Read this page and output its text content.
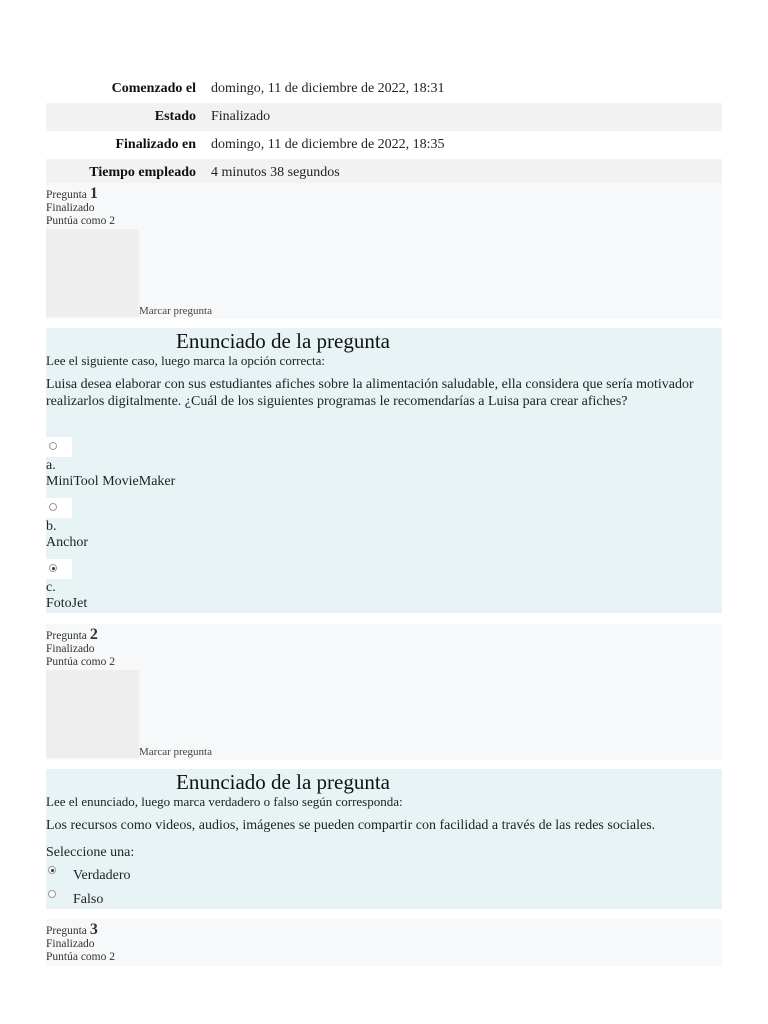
Comenzado el	domingo, 11 de diciembre de 2022, 18:31
Estado	Finalizado
Finalizado en	domingo, 11 de diciembre de 2022, 18:35
Tiempo empleado	4 minutos 38 segundos
Pregunta 1
Finalizado
Puntúa como 2
Marcar pregunta
Enunciado de la pregunta
Lee el siguiente caso, luego marca la opción correcta:
Luisa desea elaborar con sus estudiantes afiches sobre la alimentación saludable, ella considera que sería motivador realizarlos digitalmente. ¿Cuál de los siguientes programas le recomendarías a Luisa para crear afiches?
a.
MiniTool MovieMaker
b.
Anchor
c.
FotoJet
Pregunta 2
Finalizado
Puntúa como 2
Marcar pregunta
Enunciado de la pregunta
Lee el enunciado, luego marca verdadero o falso según corresponda:
Los recursos como videos, audios, imágenes se pueden compartir con facilidad a través de las redes sociales.
Seleccione una:
Verdadero
Falso
Pregunta 3
Finalizado
Puntúa como 2
